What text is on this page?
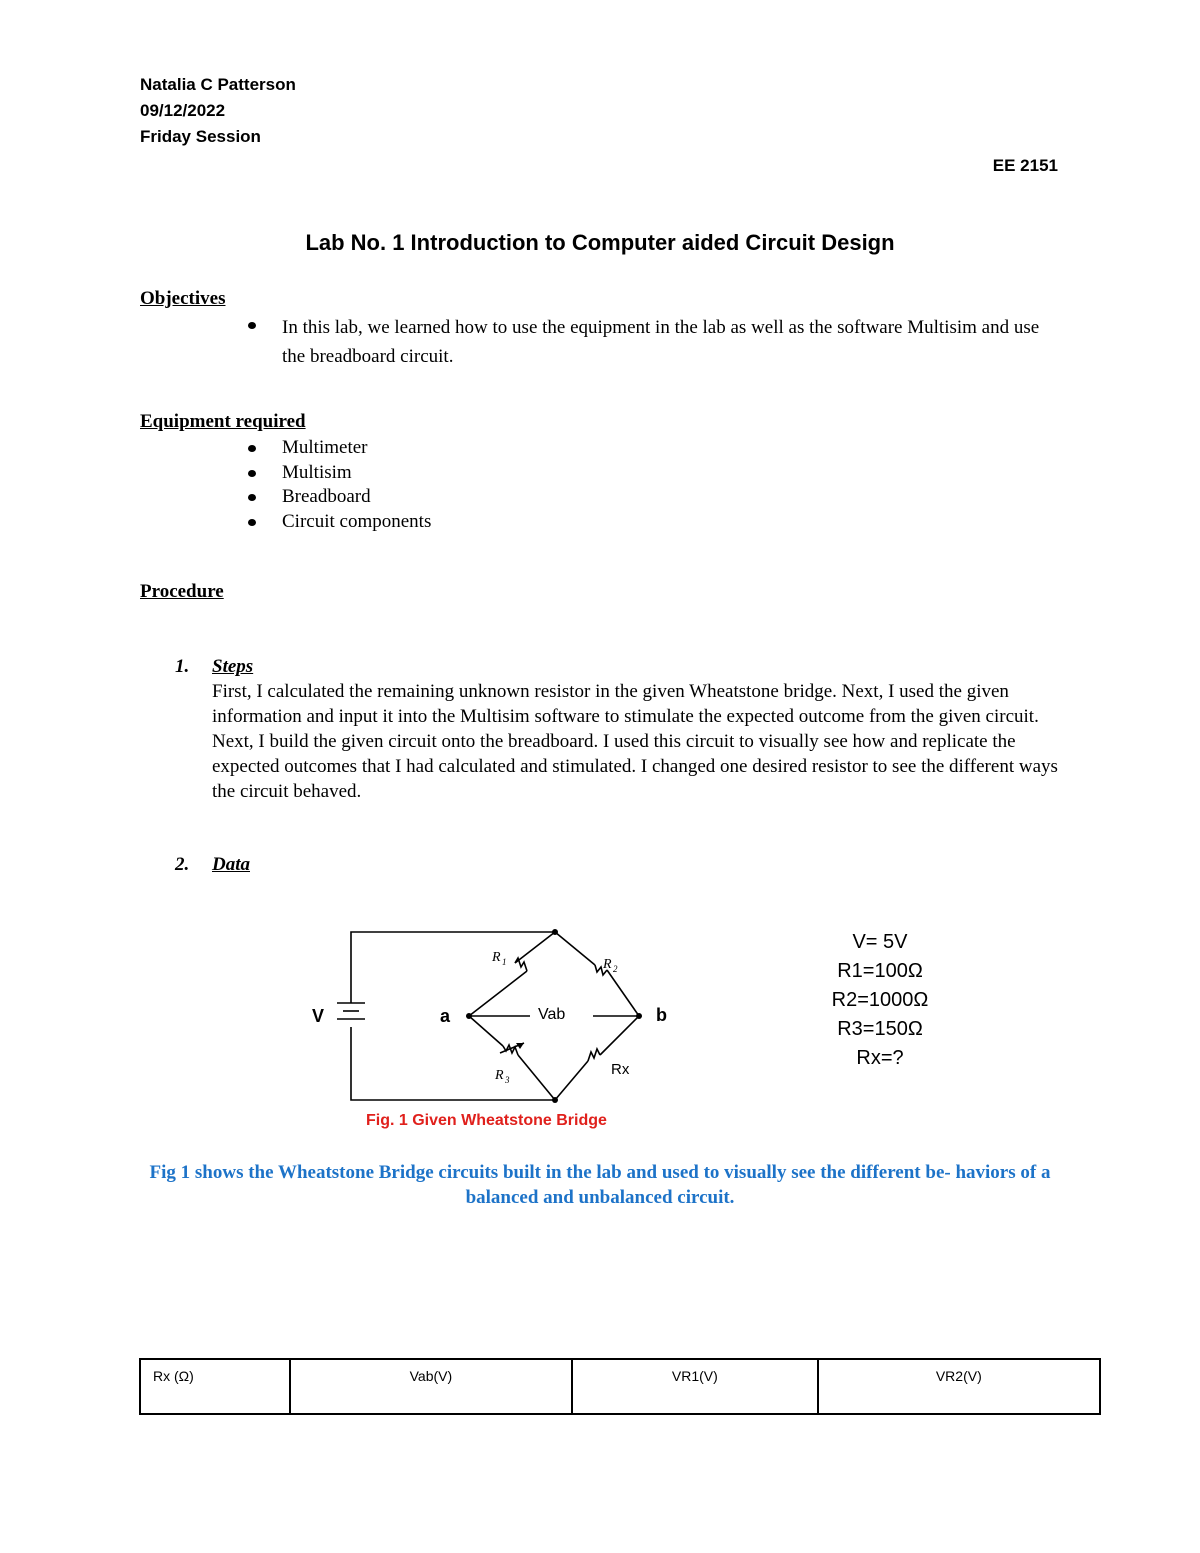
Natalia C Patterson
09/12/2022
Friday Session
EE 2151
Lab No. 1 Introduction to Computer aided Circuit Design
Objectives
In this lab, we learned how to use the equipment in the lab as well as the software Multisim and use the breadboard circuit.
Equipment required
Multimeter
Multisim
Breadboard
Circuit components
Procedure
1. Steps
First, I calculated the remaining unknown resistor in the given Wheatstone bridge. Next, I used the given information and input it into the Multisim software to stimulate the expected outcome from the given circuit. Next, I build the given circuit onto the breadboard. I used this circuit to visually see how and replicate the expected outcomes that I had calculated and stimulated. I changed one desired resistor to see the different ways the circuit behaved.
2. Data
V	a	b
Vab
R 1	R 2
R 3
Rx
V= 5V
R1=100Ω
R2=1000Ω
R3=150Ω
Rx=?
Fig. 1 Given Wheatstone Bridge
Fig 1 shows the Wheatstone Bridge circuits built in the lab and used to visually see the different be- haviors of a balanced and unbalanced circuit.
Rx (Ω)	Vab(V)	VR1(V)	VR2(V)
